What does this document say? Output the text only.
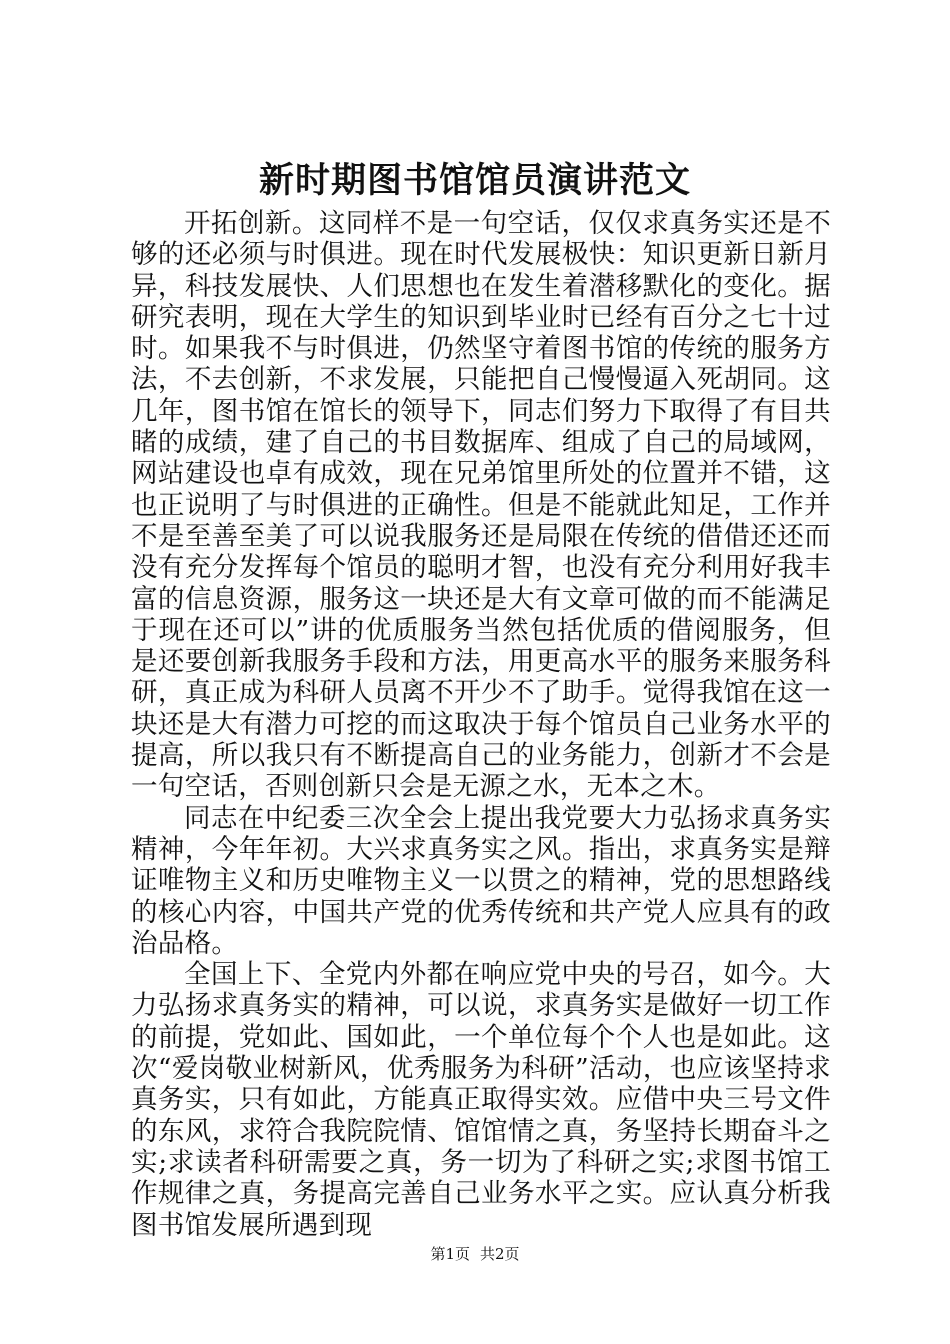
新时期图书馆馆员演讲范文

开拓创新。这同样不是一句空话，仅仅求真务实还是不够的还必须与时俱进。现在时代发展极快：知识更新日新月异，科技发展快、人们思想也在发生着潜移默化的变化。据研究表明，现在大学生的知识到毕业时已经有百分之七十过时。如果我不与时俱进，仍然坚守着图书馆的传统的服务方法，不去创新，不求发展，只能把自己慢慢逼入死胡同。这几年，图书馆在馆长的领导下，同志们努力下取得了有目共睹的成绩，建了自己的书目数据库、组成了自己的局域网，网站建设也卓有成效，现在兄弟馆里所处的位置并不错，这也正说明了与时俱进的正确性。但是不能就此知足，工作并不是至善至美了可以说我服务还是局限在传统的借借还还而没有充分发挥每个馆员的聪明才智，也没有充分利用好我丰富的信息资源，服务这一块还是大有文章可做的而不能满足于现在还可以”讲的优质服务当然包括优质的借阅服务，但是还要创新我服务手段和方法，用更高水平的服务来服务科研，真正成为科研人员离不开少不了助手。觉得我馆在这一块还是大有潜力可挖的而这取决于每个馆员自己业务水平的提高，所以我只有不断提高自己的业务能力，创新才不会是一句空话，否则创新只会是无源之水，无本之木。

同志在中纪委三次全会上提出我党要大力弘扬求真务实精神，今年年初。大兴求真务实之风。指出，求真务实是辩证唯物主义和历史唯物主义一以贯之的精神，党的思想路线的核心内容，中国共产党的优秀传统和共产党人应具有的政治品格。

全国上下、全党内外都在响应党中央的号召，如今。大力弘扬求真务实的精神，可以说，求真务实是做好一切工作的前提，党如此、国如此，一个单位每个个人也是如此。这次“爱岗敬业树新风，优秀服务为科研”活动，也应该坚持求真务实，只有如此，方能真正取得实效。应借中央三号文件的东风，求符合我院院情、馆馆情之真，务坚持长期奋斗之实;求读者科研需要之真，务一切为了科研之实;求图书馆工作规律之真，务提高完善自己业务水平之实。应认真分析我图书馆发展所遇到现

第1页 共2页
